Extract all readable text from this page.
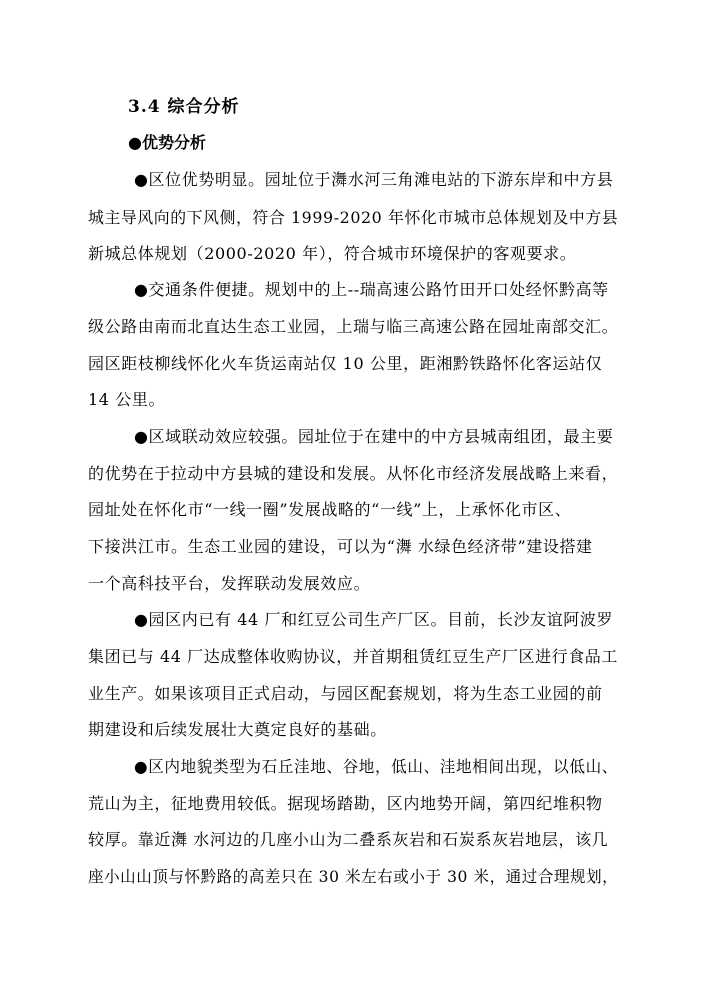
3.4 综合分析
●优势分析
●区位优势明显。园址位于㵲水河三角滩电站的下游东岸和中方县
城主导风向的下风侧，符合 1999-2020 年怀化市城市总体规划及中方县
新城总体规划（2000-2020 年），符合城市环境保护的客观要求。
●交通条件便捷。规划中的上--瑞高速公路竹田开口处经怀黔高等
级公路由南而北直达生态工业园，上瑞与临三高速公路在园址南部交汇。
园区距枝柳线怀化火车货运南站仅 10 公里，距湘黔铁路怀化客运站仅
14 公里。
●区域联动效应较强。园址位于在建中的中方县城南组团，最主要
的优势在于拉动中方县城的建设和发展。从怀化市经济发展战略上来看，
园址处在怀化市“一线一圈”发展战略的“一线”上，上承怀化市区、
下接洪江市。生态工业园的建设，可以为“㵲 水绿色经济带”建设搭建
一个高科技平台，发挥联动发展效应。
●园区内已有 44 厂和红豆公司生产厂区。目前，长沙友谊阿波罗
集团已与 44 厂达成整体收购协议，并首期租赁红豆生产厂区进行食品工
业生产。如果该项目正式启动，与园区配套规划，将为生态工业园的前
期建设和后续发展壮大奠定良好的基础。
●区内地貌类型为石丘洼地、谷地，低山、洼地相间出现，以低山、
荒山为主，征地费用较低。据现场踏勘，区内地势开阔，第四纪堆积物
较厚。靠近㵲 水河边的几座小山为二叠系灰岩和石炭系灰岩地层，该几
座小山山顶与怀黔路的高差只在 30 米左右或小于 30 米，通过合理规划，
